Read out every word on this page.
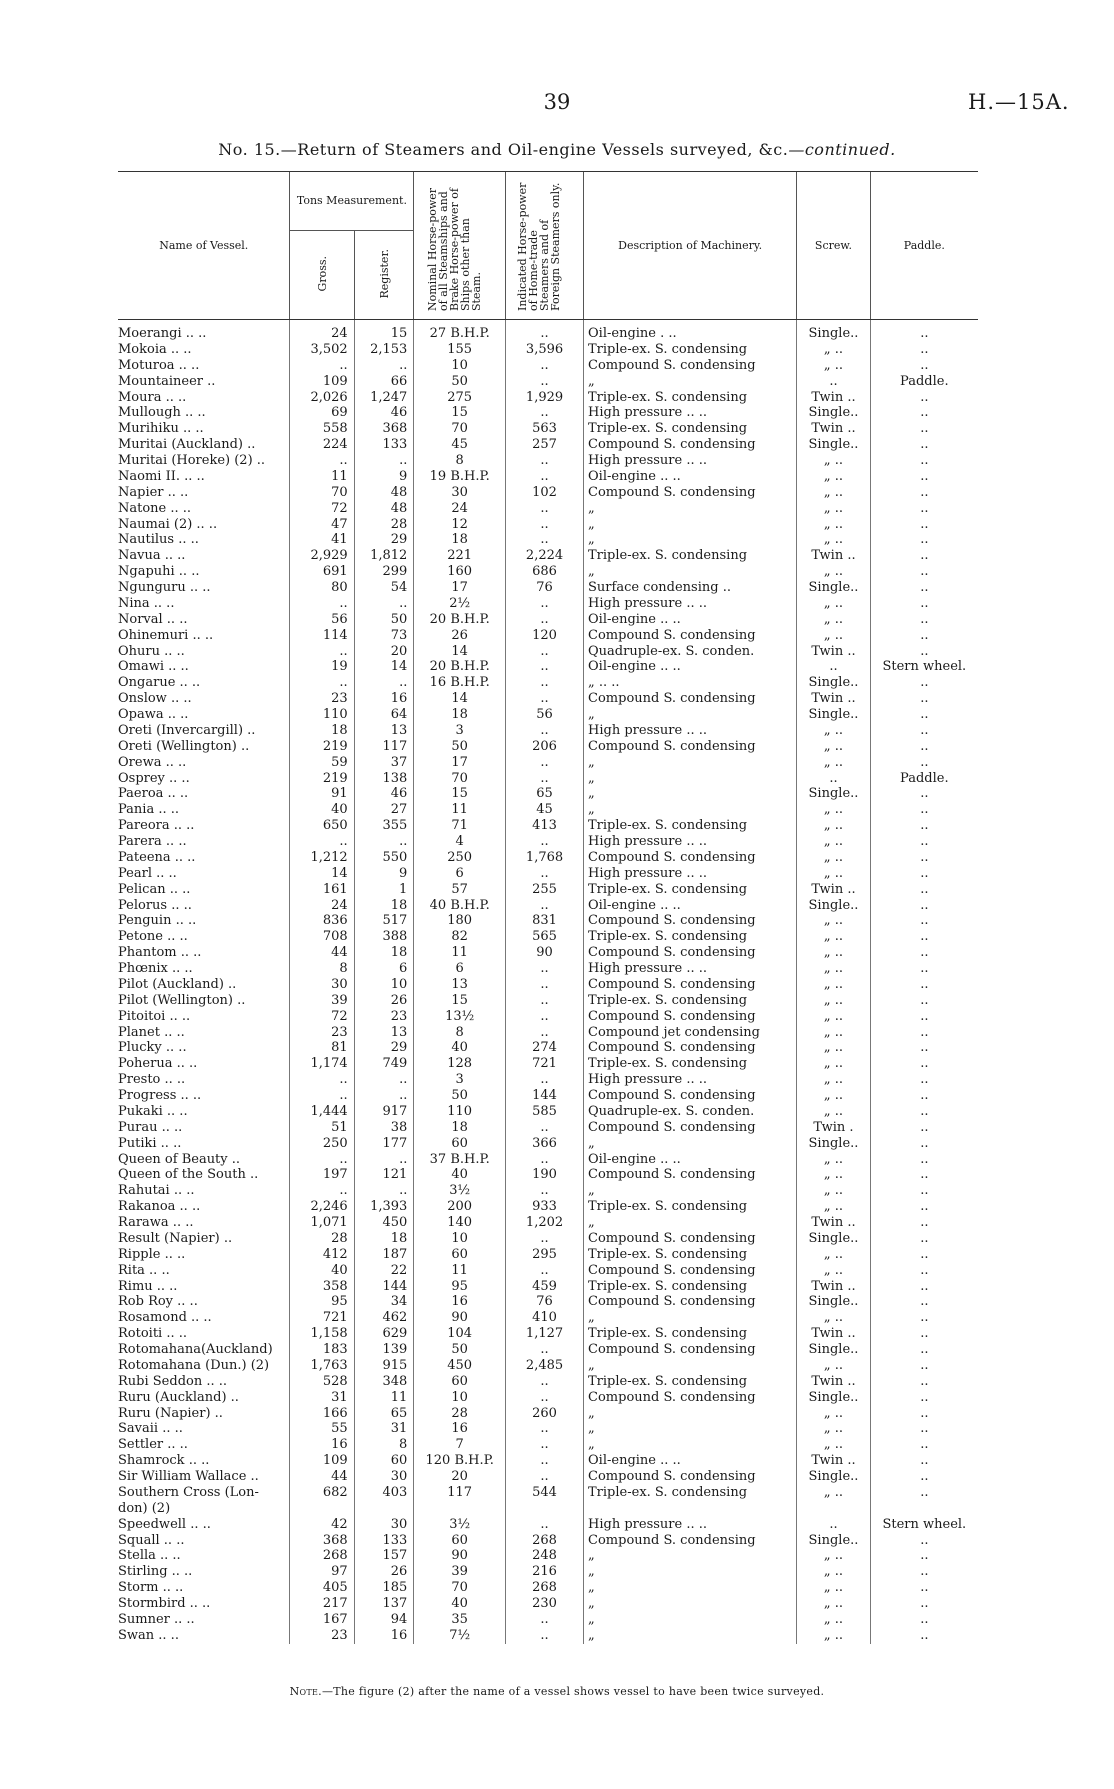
39	H.—15A.
No. 15.—Return of Steamers and Oil-engine Vessels surveyed, &c.—continued.
Name of Vessel.	Tons Measurement.		Nominal Horse-power of all Steamships and Brake Horse-power of Ships other than Steam.	Indicated Horse-power of Home-trade Steamers and of Foreign Steamers only.	Description of Machinery.	Screw.	Paddle.
	Gross.	Register.					
Moerangi .. ..	24	15	27 B.H.P.	..	Oil-engine . ..	Single..	..
Mokoia .. ..	3,502	2,153	155	3,596	Triple-ex. S. condensing	„ ..	..
Moturoa .. ..	..	..	10	..	Compound S. condensing	„ ..	..
Mountaineer ..	109	66	50	..	„	..	Paddle.
Moura .. ..	2,026	1,247	275	1,929	Triple-ex. S. condensing	Twin ..	..
Mullough .. ..	69	46	15	..	High pressure .. ..	Single..	..
Murihiku .. ..	558	368	70	563	Triple-ex. S. condensing	Twin ..	..
Muritai (Auckland) ..	224	133	45	257	Compound S. condensing	Single..	..
Muritai (Horeke) (2) ..	..	..	8	..	High pressure .. ..	„ ..	..
Naomi II. .. ..	11	9	19 B.H.P.	..	Oil-engine .. ..	„ ..	..
Napier .. ..	70	48	30	102	Compound S. condensing	„ ..	..
Natone .. ..	72	48	24	..	„	„ ..	..
Naumai (2) .. ..	47	28	12	..	„	„ ..	..
Nautilus .. ..	41	29	18	..	„	„ ..	..
Navua .. ..	2,929	1,812	221	2,224	Triple-ex. S. condensing	Twin ..	..
Ngapuhi .. ..	691	299	160	686	„	„ ..	..
Ngunguru .. ..	80	54	17	76	Surface condensing ..	Single..	..
Nina .. ..	..	..	2½	..	High pressure .. ..	„ ..	..
Norval .. ..	56	50	20 B.H.P.	..	Oil-engine .. ..	„ ..	..
Ohinemuri .. ..	114	73	26	120	Compound S. condensing	„ ..	..
Ohuru .. ..	..	20	14	..	Quadruple-ex. S. conden.	Twin ..	..
Omawi .. ..	19	14	20 B.H.P.	..	Oil-engine .. ..	..	Stern wheel.
Ongarue .. ..	..	..	16 B.H.P.	..	„ .. ..	Single..	..
Onslow .. ..	23	16	14	..	Compound S. condensing	Twin ..	..
Opawa .. ..	110	64	18	56	„	Single..	..
Oreti (Invercargill) ..	18	13	3	..	High pressure .. ..	„ ..	..
Oreti (Wellington) ..	219	117	50	206	Compound S. condensing	„ ..	..
Orewa .. ..	59	37	17	..	„	„ ..	..
Osprey .. ..	219	138	70	..	„	..	Paddle.
Paeroa .. ..	91	46	15	65	„	Single..	..
Pania .. ..	40	27	11	45	„	„ ..	..
Pareora .. ..	650	355	71	413	Triple-ex. S. condensing	„ ..	..
Parera .. ..	..	..	4	..	High pressure .. ..	„ ..	..
Pateena .. ..	1,212	550	250	1,768	Compound S. condensing	„ ..	..
Pearl .. ..	14	9	6	..	High pressure .. ..	„ ..	..
Pelican .. ..	161	1	57	255	Triple-ex. S. condensing	Twin ..	..
Pelorus .. ..	24	18	40 B.H.P.	..	Oil-engine .. ..	Single..	..
Penguin .. ..	836	517	180	831	Compound S. condensing	„ ..	..
Petone .. ..	708	388	82	565	Triple-ex. S. condensing	„ ..	..
Phantom .. ..	44	18	11	90	Compound S. condensing	„ ..	..
Phœnix .. ..	8	6	6	..	High pressure .. ..	„ ..	..
Pilot (Auckland) ..	30	10	13	..	Compound S. condensing	„ ..	..
Pilot (Wellington) ..	39	26	15	..	Triple-ex. S. condensing	„ ..	..
Pitoitoi .. ..	72	23	13½	..	Compound S. condensing	„ ..	..
Planet .. ..	23	13	8	..	Compound jet condensing	„ ..	..
Plucky .. ..	81	29	40	274	Compound S. condensing	„ ..	..
Poherua .. ..	1,174	749	128	721	Triple-ex. S. condensing	„ ..	..
Presto .. ..	..	..	3	..	High pressure .. ..	„ ..	..
Progress .. ..	..	..	50	144	Compound S. condensing	„ ..	..
Pukaki .. ..	1,444	917	110	585	Quadruple-ex. S. conden.	„ ..	..
Purau .. ..	51	38	18	..	Compound S. condensing	Twin .	..
Putiki .. ..	250	177	60	366	„	Single..	..
Queen of Beauty ..	..	..	37 B.H.P.	..	Oil-engine .. ..	„ ..	..
Queen of the South ..	197	121	40	190	Compound S. condensing	„ ..	..
Rahutai .. ..	..	..	3½	..	„	„ ..	..
Rakanoa .. ..	2,246	1,393	200	933	Triple-ex. S. condensing	„ ..	..
Rarawa .. ..	1,071	450	140	1,202	„	Twin ..	..
Result (Napier) ..	28	18	10	..	Compound S. condensing	Single..	..
Ripple .. ..	412	187	60	295	Triple-ex. S. condensing	„ ..	..
Rita .. ..	40	22	11	..	Compound S. condensing	„ ..	..
Rimu .. ..	358	144	95	459	Triple-ex. S. condensing	Twin ..	..
Rob Roy .. ..	95	34	16	76	Compound S. condensing	Single..	..
Rosamond .. ..	721	462	90	410	„	„ ..	..
Rotoiti .. ..	1,158	629	104	1,127	Triple-ex. S. condensing	Twin ..	..
Rotomahana(Auckland)	183	139	50	..	Compound S. condensing	Single..	..
Rotomahana (Dun.) (2)	1,763	915	450	2,485	„	„ ..	..
Rubi Seddon .. ..	528	348	60	..	Triple-ex. S. condensing	Twin ..	..
Ruru (Auckland) ..	31	11	10	..	Compound S. condensing	Single..	..
Ruru (Napier) ..	166	65	28	260	„	„ ..	..
Savaii .. ..	55	31	16	..	„	„ ..	..
Settler .. ..	16	8	7	..	„	„ ..	..
Shamrock .. ..	109	60	120 B.H.P.	..	Oil-engine .. ..	Twin ..	..
Sir William Wallace ..	44	30	20	..	Compound S. condensing	Single..	..
Southern Cross (Lon-	682	403	117	544	Triple-ex. S. condensing	„ ..	..
don) (2)							
Speedwell .. ..	42	30	3½	..	High pressure .. ..	..	Stern wheel.
Squall .. ..	368	133	60	268	Compound S. condensing	Single..	..
Stella .. ..	268	157	90	248	„	„ ..	..
Stirling .. ..	97	26	39	216	„	„ ..	..
Storm .. ..	405	185	70	268	„	„ ..	..
Stormbird .. ..	217	137	40	230	„	„ ..	..
Sumner .. ..	167	94	35	..	„	„ ..	..
Swan .. ..	23	16	7½	..	„	„ ..	..
Note.—The figure (2) after the name of a vessel shows vessel to have been twice surveyed.
